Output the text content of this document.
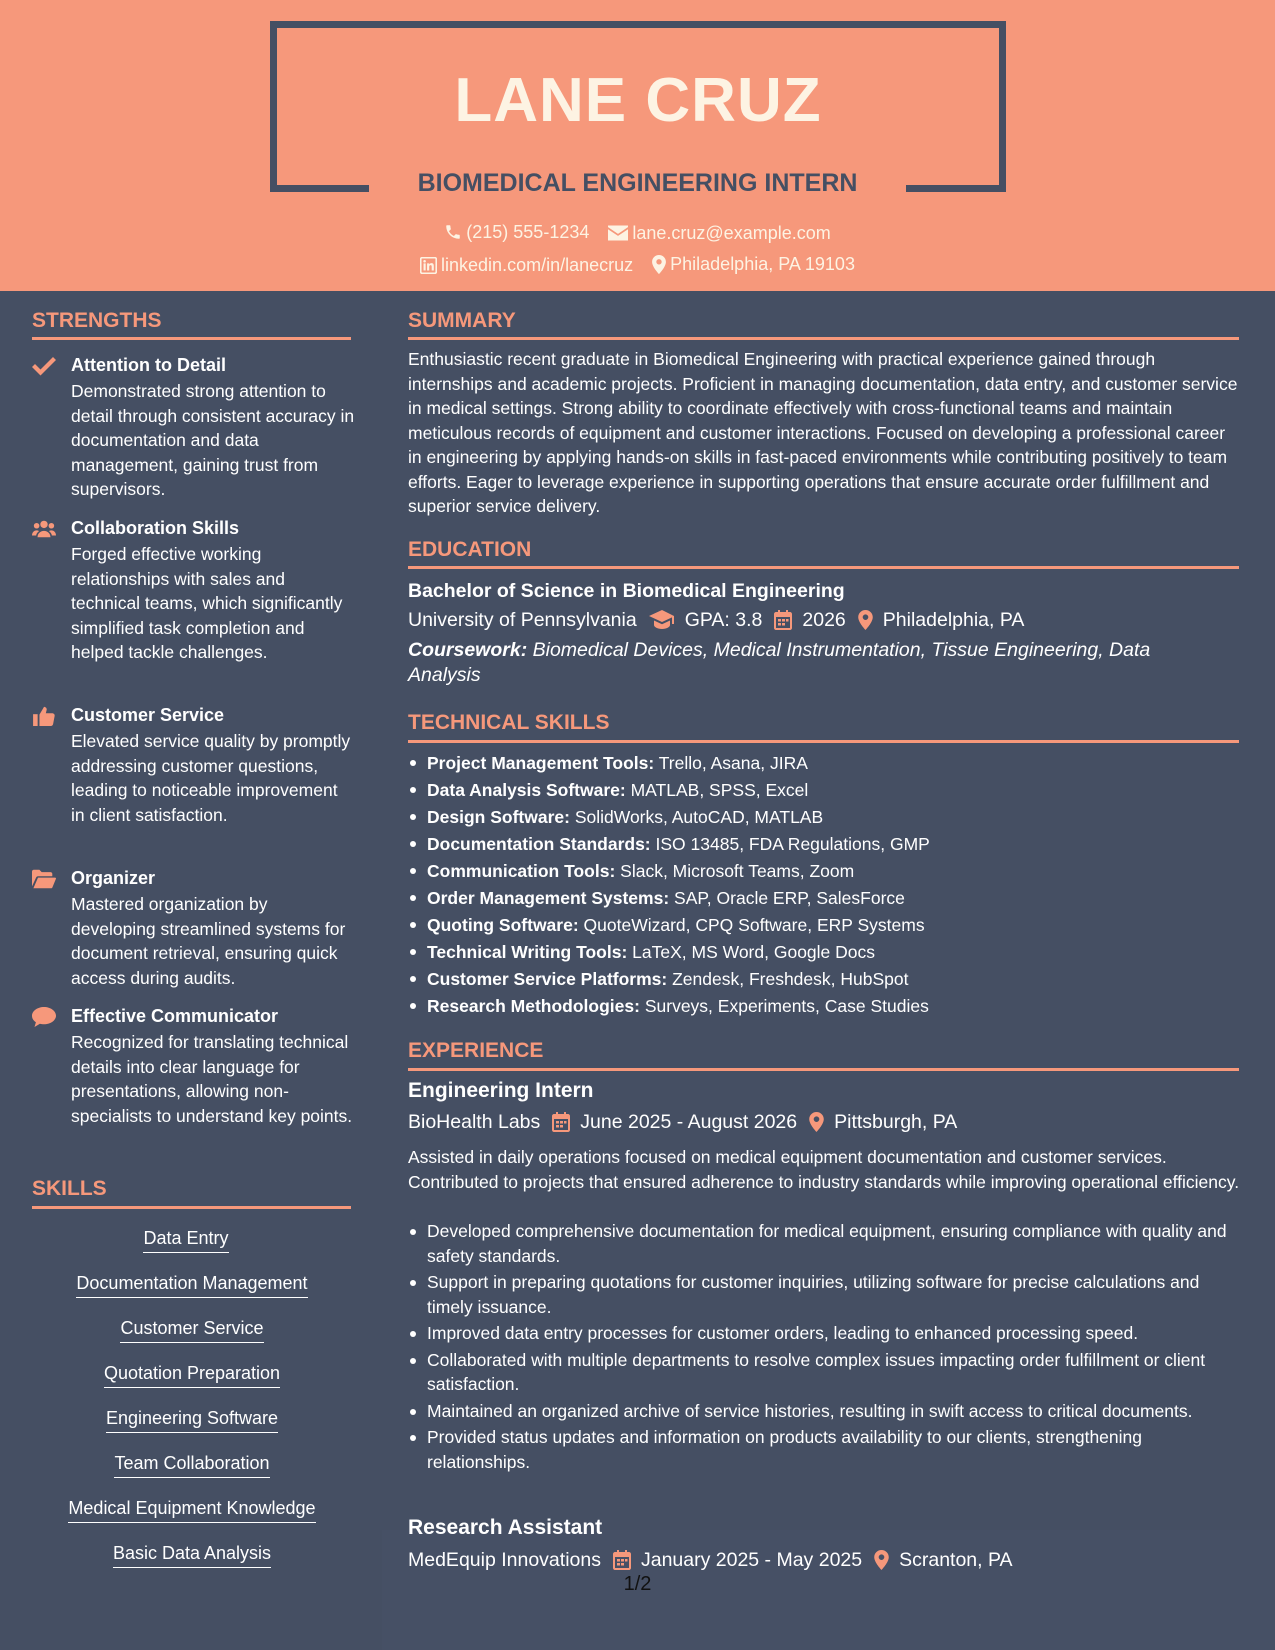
LANE CRUZ
BIOMEDICAL ENGINEERING INTERN
(215) 555-1234
lane.cruz@example.com
linkedin.com/in/lanecruz
Philadelphia, PA 19103
STRENGTHS
Attention to Detail
Demonstrated strong attention to detail through consistent accuracy in documentation and data management, gaining trust from supervisors.
Collaboration Skills
Forged effective working relationships with sales and technical teams, which significantly simplified task completion and helped tackle challenges.
Customer Service
Elevated service quality by promptly addressing customer questions, leading to noticeable improvement in client satisfaction.
Organizer
Mastered organization by developing streamlined systems for document retrieval, ensuring quick access during audits.
Effective Communicator
Recognized for translating technical details into clear language for presentations, allowing non-specialists to understand key points.
SKILLS
Data Entry
Documentation Management
Customer Service
Quotation Preparation
Engineering Software
Team Collaboration
Medical Equipment Knowledge
Basic Data Analysis
SUMMARY
Enthusiastic recent graduate in Biomedical Engineering with practical experience gained through internships and academic projects. Proficient in managing documentation, data entry, and customer service in medical settings. Strong ability to coordinate effectively with cross-functional teams and maintain meticulous records of equipment and customer interactions. Focused on developing a professional career in engineering by applying hands-on skills in fast-paced environments while contributing positively to team efforts. Eager to leverage experience in supporting operations that ensure accurate order fulfillment and superior service delivery.
EDUCATION
Bachelor of Science in Biomedical Engineering
University of Pennsylvania GPA: 3.8 2026 Philadelphia, PA
Coursework: Biomedical Devices, Medical Instrumentation, Tissue Engineering, Data Analysis
TECHNICAL SKILLS
Project Management Tools: Trello, Asana, JIRA
Data Analysis Software: MATLAB, SPSS, Excel
Design Software: SolidWorks, AutoCAD, MATLAB
Documentation Standards: ISO 13485, FDA Regulations, GMP
Communication Tools: Slack, Microsoft Teams, Zoom
Order Management Systems: SAP, Oracle ERP, SalesForce
Quoting Software: QuoteWizard, CPQ Software, ERP Systems
Technical Writing Tools: LaTeX, MS Word, Google Docs
Customer Service Platforms: Zendesk, Freshdesk, HubSpot
Research Methodologies: Surveys, Experiments, Case Studies
EXPERIENCE
Engineering Intern
BioHealth Labs June 2025 - August 2026 Pittsburgh, PA
Assisted in daily operations focused on medical equipment documentation and customer services. Contributed to projects that ensured adherence to industry standards while improving operational efficiency.
Developed comprehensive documentation for medical equipment, ensuring compliance with quality and safety standards.
Support in preparing quotations for customer inquiries, utilizing software for precise calculations and timely issuance.
Improved data entry processes for customer orders, leading to enhanced processing speed.
Collaborated with multiple departments to resolve complex issues impacting order fulfillment or client satisfaction.
Maintained an organized archive of service histories, resulting in swift access to critical documents.
Provided status updates and information on products availability to our clients, strengthening relationships.
Research Assistant
MedEquip Innovations January 2025 - May 2025 Scranton, PA
1/2
